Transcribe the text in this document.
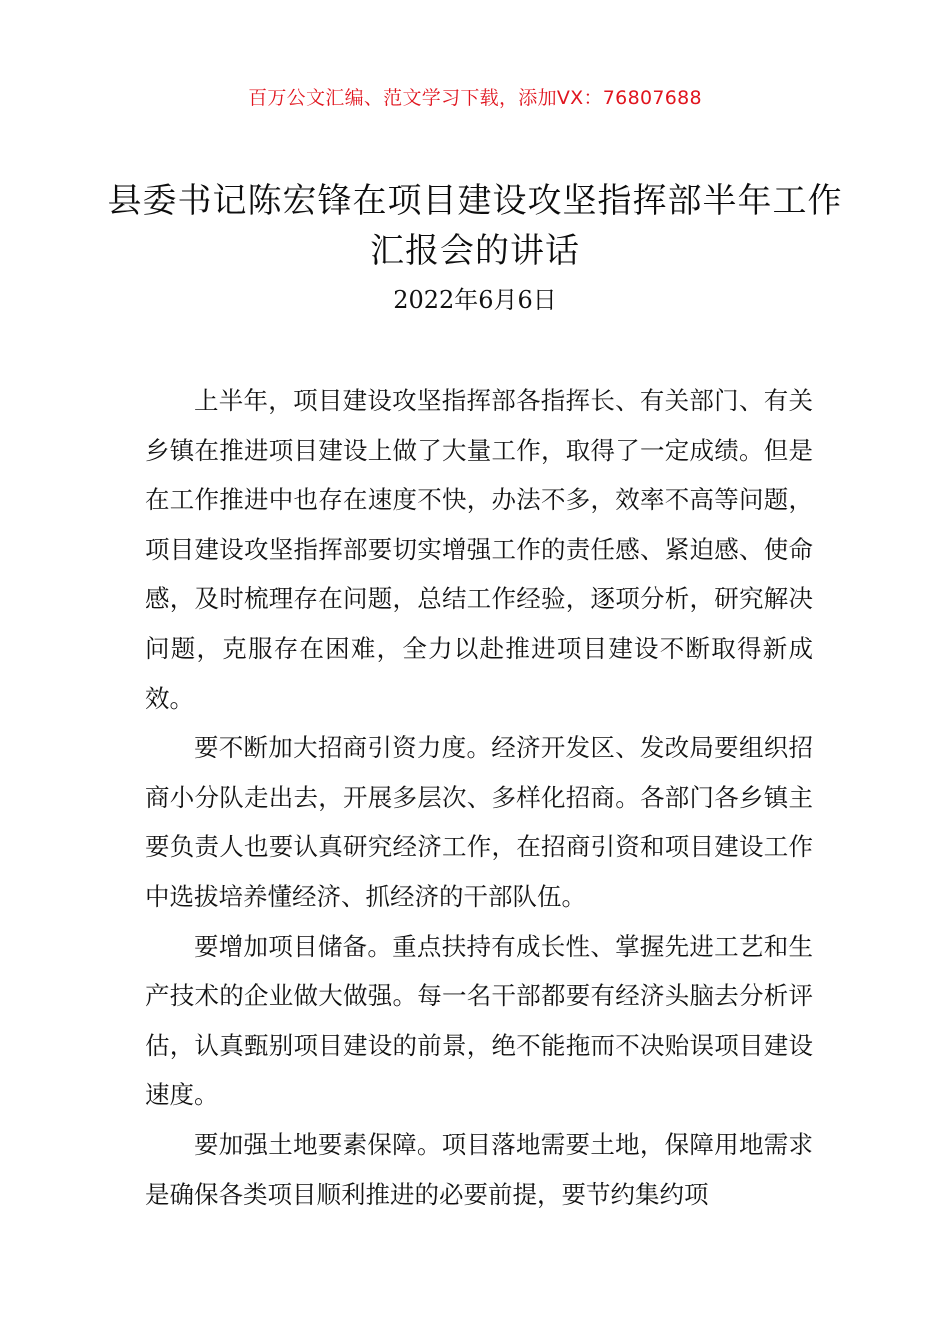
百万公文汇编、范文学习下载，添加VX：76807688
县委书记陈宏锋在项目建设攻坚指挥部半年工作汇报会的讲话
2022年6月6日

上半年，项目建设攻坚指挥部各指挥长、有关部门、有关乡镇在推进项目建设上做了大量工作，取得了一定成绩。但是在工作推进中也存在速度不快，办法不多，效率不高等问题，项目建设攻坚指挥部要切实增强工作的责任感、紧迫感、使命感，及时梳理存在问题，总结工作经验，逐项分析，研究解决问题，克服存在困难，全力以赴推进项目建设不断取得新成效。

要不断加大招商引资力度。经济开发区、发改局要组织招商小分队走出去，开展多层次、多样化招商。各部门各乡镇主要负责人也要认真研究经济工作，在招商引资和项目建设工作中选拔培养懂经济、抓经济的干部队伍。

要增加项目储备。重点扶持有成长性、掌握先进工艺和生产技术的企业做大做强。每一名干部都要有经济头脑去分析评估，认真甄别项目建设的前景，绝不能拖而不决贻误项目建设速度。

要加强土地要素保障。项目落地需要土地，保障用地需求是确保各类项目顺利推进的必要前提，要节约集约项
